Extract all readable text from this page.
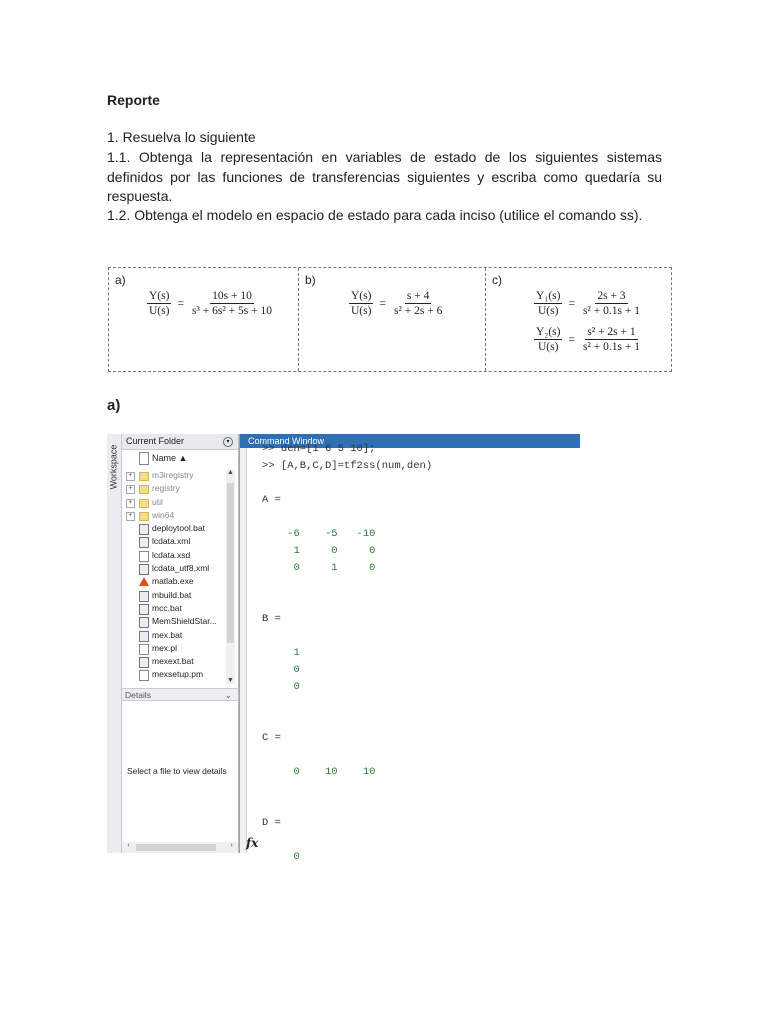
Reporte
1. Resuelva lo siguiente
1.1. Obtenga la representación en variables de estado de los siguientes sistemas definidos por las funciones de transferencias siguientes y escriba como quedaría su respuesta.
1.2. Obtenga el modelo en espacio de estado para cada inciso (utilice el comando ss).
a)
$\frac{Y(s)}{U(s)} = \frac{10s + 10}{\text{s³ + 6s² + 5s + 10}}$
b)
$\frac{Y(s)}{U(s)} = \frac{s + 4}{\text{s² + 2s + 6}}$
c)
$\frac{\text{Y₁(s)}}{U(s)} = \frac{2s + 3}{\text{s² + 0.1s + 1}}$
$\frac{\text{Y₂(s)}}{U(s)} = \frac{\text{s² + 2s + 1}}{\text{s² + 0.1s + 1}}$
a)
Workspace
Current Folder	▾
Name ▲
+ m3iregistry
+ registry
+ util
+ win64
deploytool.bat
lcdata.xml
lcdata.xsd
lcdata_utf8.xml
matlab.exe
mbuild.bat
mcc.bat
MemShieldStar...
mex.bat
mex.pl
mexext.bat
mexsetup.pm
▲
▼
Details	⌄
Select a file to view details
‹	›
Command Window
>> den=[1 6 5 10];
>> [A,B,C,D]=tf2ss(num,den)
A =
-6    -5   -10
1     0     0
0     1     0
B =
1
0
0
C =
0    10    10
D =
0
fx
